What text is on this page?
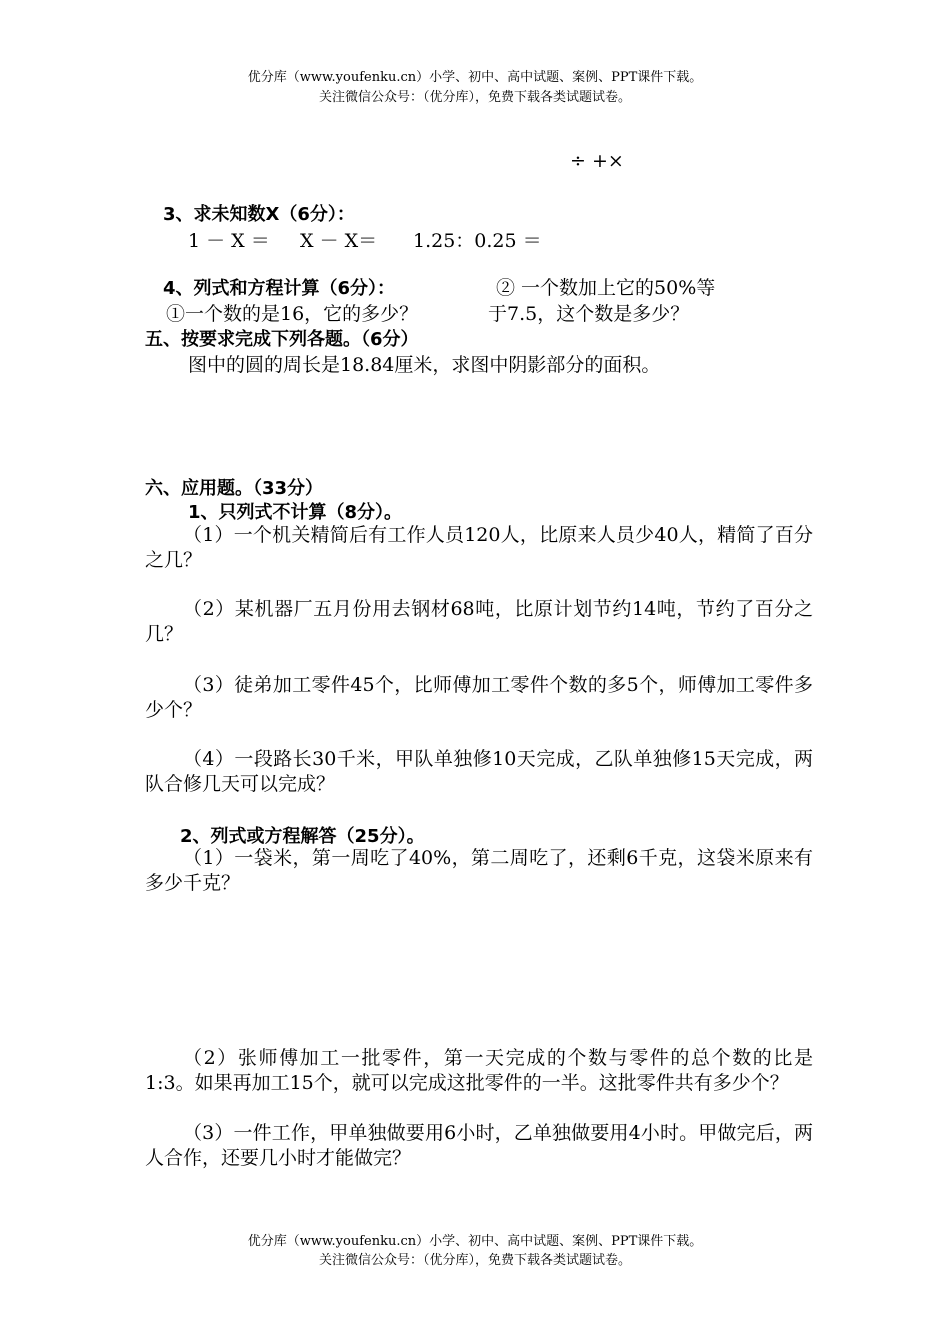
优分库（www.youfenku.cn）小学、初中、高中试题、案例、PPT课件下载。
关注微信公众号：（优分库），免费下载各类试题试卷。
÷ +×
3、求未知数X（6分）：
1 － X ＝ X － X＝ 1.25：0.25 ＝
4、列式和方程计算（6分）：	② 一个数加上它的50%等
①一个数的是16，它的多少？	于7.5，这个数是多少？
五、按要求完成下列各题。（6分）
图中的圆的周长是18.84厘米，求图中阴影部分的面积。
六、应用题。（33分）
1、只列式不计算（8分）。
（1）一个机关精简后有工作人员120人，比原来人员少40人，精简了百分之几？
（2）某机器厂五月份用去钢材68吨，比原计划节约14吨，节约了百分之几？
（3）徒弟加工零件45个，比师傅加工零件个数的多5个，师傅加工零件多少个？
（4）一段路长30千米，甲队单独修10天完成，乙队单独修15天完成，两队合修几天可以完成？
2、列式或方程解答（25分）。
（1）一袋米，第一周吃了40%，第二周吃了，还剩6千克，这袋米原来有多少千克？
（2）张师傅加工一批零件，第一天完成的个数与零件的总个数的比是1:3。如果再加工15个，就可以完成这批零件的一半。这批零件共有多少个？
（3）一件工作，甲单独做要用6小时，乙单独做要用4小时。甲做完后，两人合作，还要几小时才能做完？
优分库（www.youfenku.cn）小学、初中、高中试题、案例、PPT课件下载。
关注微信公众号：（优分库），免费下载各类试题试卷。
